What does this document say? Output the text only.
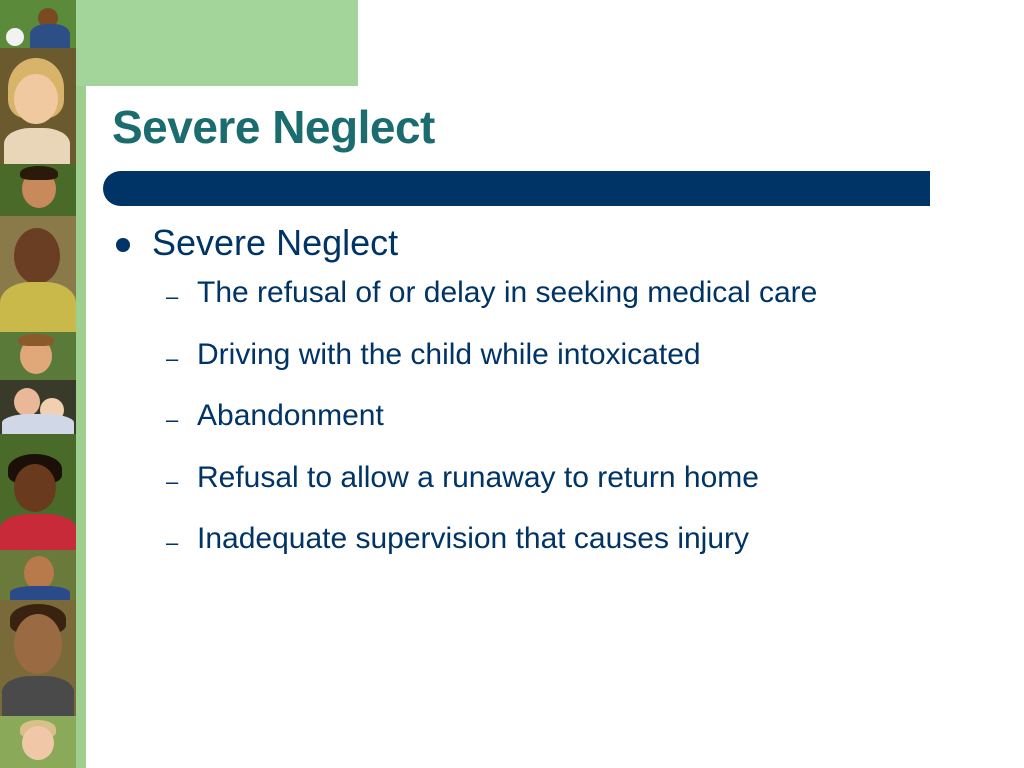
Severe Neglect
Severe Neglect
– The refusal of or delay in seeking medical care
– Driving with the child while intoxicated
– Abandonment
– Refusal to allow a runaway to return home
– Inadequate supervision that causes injury
